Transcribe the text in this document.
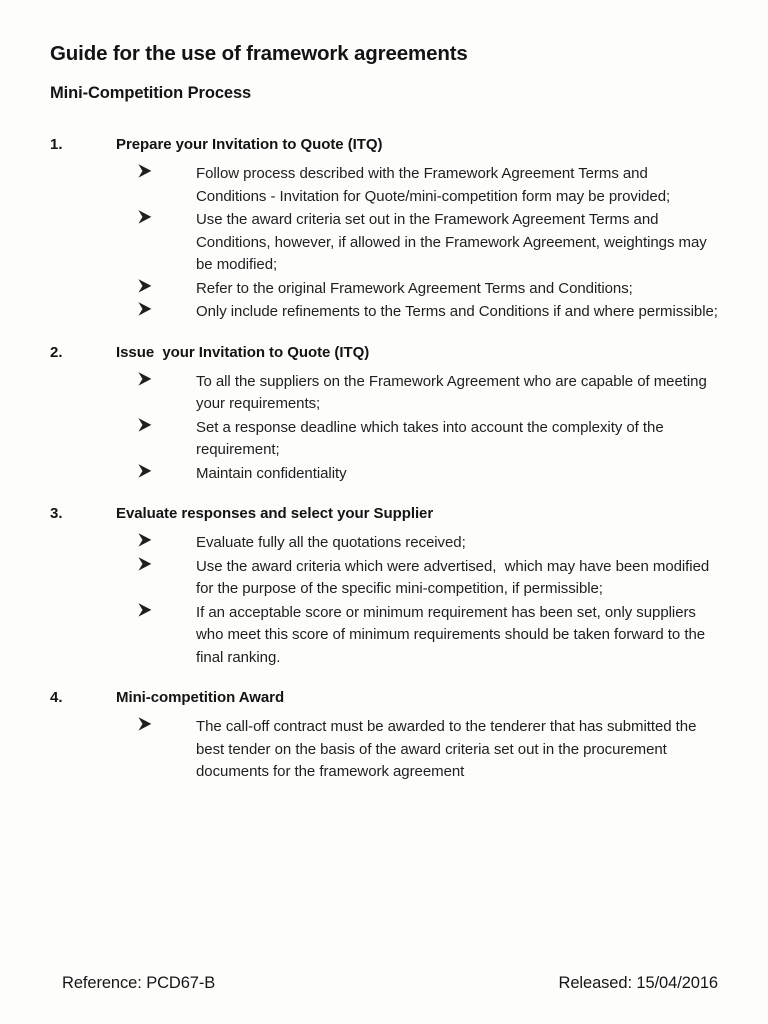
Guide for the use of framework agreements
Mini-Competition Process
1.	Prepare your Invitation to Quote (ITQ)
Follow process described with the Framework Agreement Terms and Conditions - Invitation for Quote/mini-competition form may be provided;
Use the award criteria set out in the Framework Agreement Terms and Conditions, however, if allowed in the Framework Agreement, weightings may be modified;
Refer to the original Framework Agreement Terms and Conditions;
Only include refinements to the Terms and Conditions if and where permissible;
2.	Issue  your Invitation to Quote (ITQ)
To all the suppliers on the Framework Agreement who are capable of meeting your requirements;
Set a response deadline which takes into account the complexity of the requirement;
Maintain confidentiality
3.	Evaluate responses and select your Supplier
Evaluate fully all the quotations received;
Use the award criteria which were advertised,  which may have been modified for the purpose of the specific mini-competition, if permissible;
If an acceptable score or minimum requirement has been set, only suppliers who meet this score of minimum requirements should be taken forward to the final ranking.
4.	Mini-competition Award
The call-off contract must be awarded to the tenderer that has submitted the best tender on the basis of the award criteria set out in the procurement documents for the framework agreement
Reference: PCD67-B	Released: 15/04/2016
